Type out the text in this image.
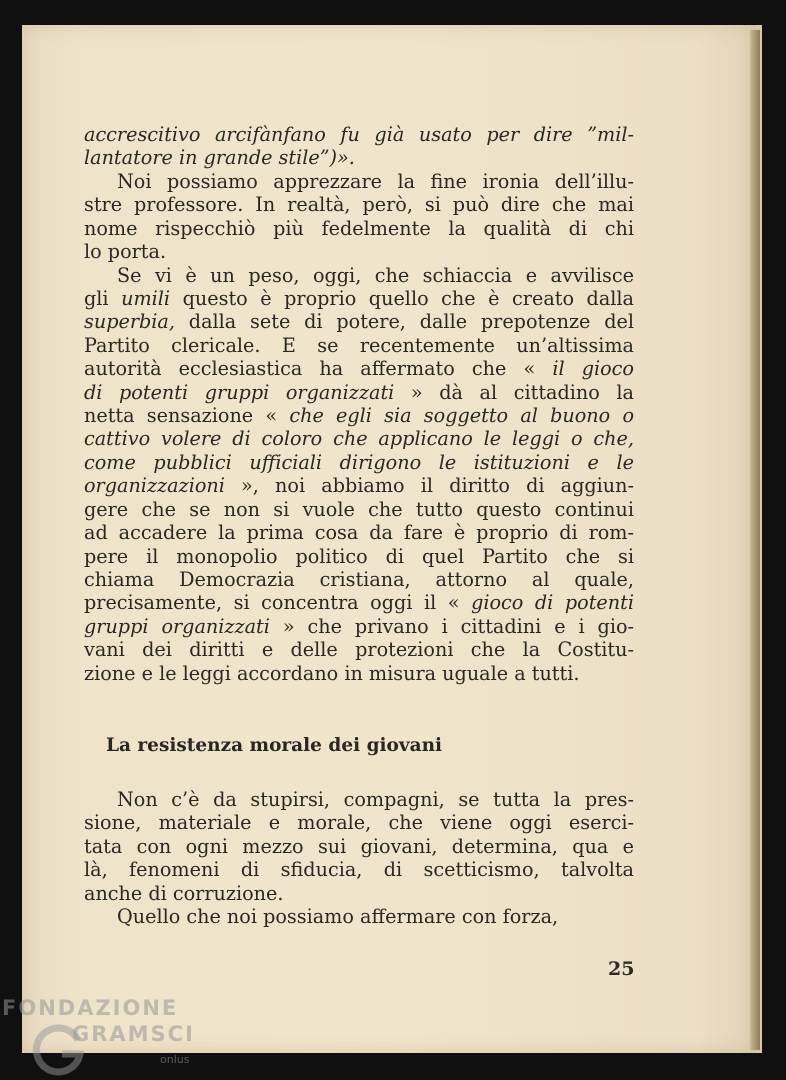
accrescitivo arcifànfano fu già usato per dire ”mil-
lantatore in grande stile”)».
Noi possiamo apprezzare la fine ironia dell’illu-
stre professore. In realtà, però, si può dire che mai
nome rispecchiò più fedelmente la qualità di chi
lo porta.
Se vi è un peso, oggi, che schiaccia e avvilisce
gli umili questo è proprio quello che è creato dalla
superbia, dalla sete di potere, dalle prepotenze del
Partito clericale. E se recentemente un’altissima
autorità ecclesiastica ha affermato che « il gioco
di potenti gruppi organizzati » dà al cittadino la
netta sensazione « che egli sia soggetto al buono o
cattivo volere di coloro che applicano le leggi o che,
come pubblici ufficiali dirigono le istituzioni e le
organizzazioni », noi abbiamo il diritto di aggiun-
gere che se non si vuole che tutto questo continui
ad accadere la prima cosa da fare è proprio di rom-
pere il monopolio politico di quel Partito che si
chiama Democrazia cristiana, attorno al quale,
precisamente, si concentra oggi il « gioco di potenti
gruppi organizzati » che privano i cittadini e i gio-
vani dei diritti e delle protezioni che la Costitu-
zione e le leggi accordano in misura uguale a tutti.
La resistenza morale dei giovani
Non c’è da stupirsi, compagni, se tutta la pres-
sione, materiale e morale, che viene oggi eserci-
tata con ogni mezzo sui giovani, determina, qua e
là, fenomeni di sfiducia, di scetticismo, talvolta
anche di corruzione.
Quello che noi possiamo affermare con forza,
25
FONDAZIONE
GRAMSCI
onlus
